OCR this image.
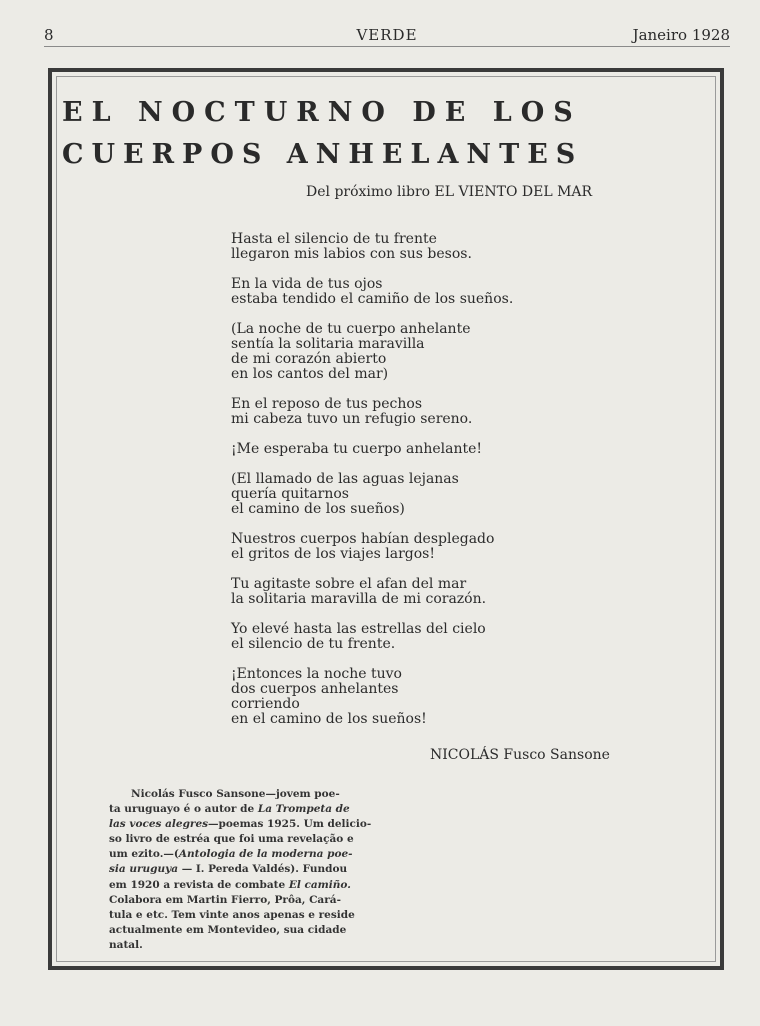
8	VERDE	Janeiro 1928
EL NOCTURNO DE LOS
CUERPOS ANHELANTES
Del próximo libro EL VIENTO DEL MAR
Hasta el silencio de tu frente
llegaron mis labios con sus besos.
En la vida de tus ojos
estaba tendido el camiño de los sueños.
(La noche de tu cuerpo anhelante
sentía la solitaria maravilla
de mi corazón abierto
en los cantos del mar)
En el reposo de tus pechos
mi cabeza tuvo un refugio sereno.
¡Me esperaba tu cuerpo anhelante!
(El llamado de las aguas lejanas
quería quitarnos
el camino de los sueños)
Nuestros cuerpos habían desplegado
el gritos de los viajes largos!
Tu agitaste sobre el afan del mar
la solitaria maravilla de mi corazón.
Yo elevé hasta las estrellas del cielo
el silencio de tu frente.
¡Entonces la noche tuvo
dos cuerpos anhelantes
corriendo
en el camino de los sueños!
NICOLÁS Fusco Sansone
Nicolás Fusco Sansone—jovem poe-
ta uruguayo é o autor de La Trompeta de
las voces alegres—poemas 1925. Um delicio-
so livro de estréa que foi uma revelação e
um ezito.—(Antologia de la moderna poe-
sia uruguya — I. Pereda Valdés). Fundou
em 1920 a revista de combate El camiño.
Colabora em Martin Fierro, Prôa, Cará-
tula e etc. Tem vinte anos apenas e reside
actualmente em Montevideo, sua cidade
natal.
